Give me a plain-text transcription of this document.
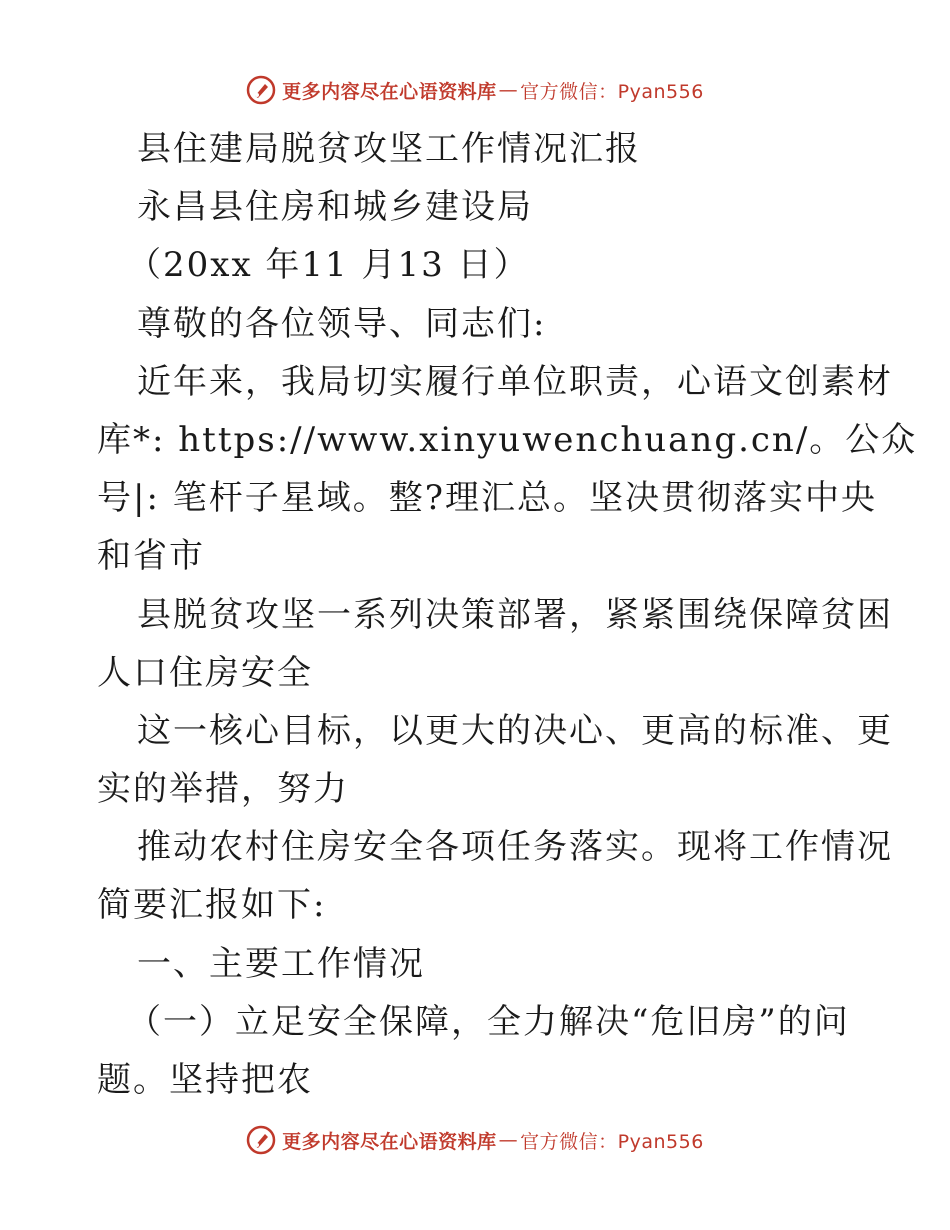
更多内容尽在心语资料库 — 官方微信：Pyan556
县住建局脱贫攻坚工作情况汇报
永昌县住房和城乡建设局
（20xx 年11 月13 日）
尊敬的各位领导、同志们:
近年来，我局切实履行单位职责，心语文创素材
库*: https://www.xinyuwenchuang.cn/。公众
号|: 笔杆子星域。整?理汇总。坚决贯彻落实中央
和省市
县脱贫攻坚一系列决策部署，紧紧围绕保障贫困
人口住房安全
这一核心目标，以更大的决心、更高的标准、更
实的举措，努力
推动农村住房安全各项任务落实。现将工作情况
简要汇报如下:
一、主要工作情况
（一）立足安全保障，全力解决“危旧房”的问
题。坚持把农
更多内容尽在心语资料库 — 官方微信：Pyan556
